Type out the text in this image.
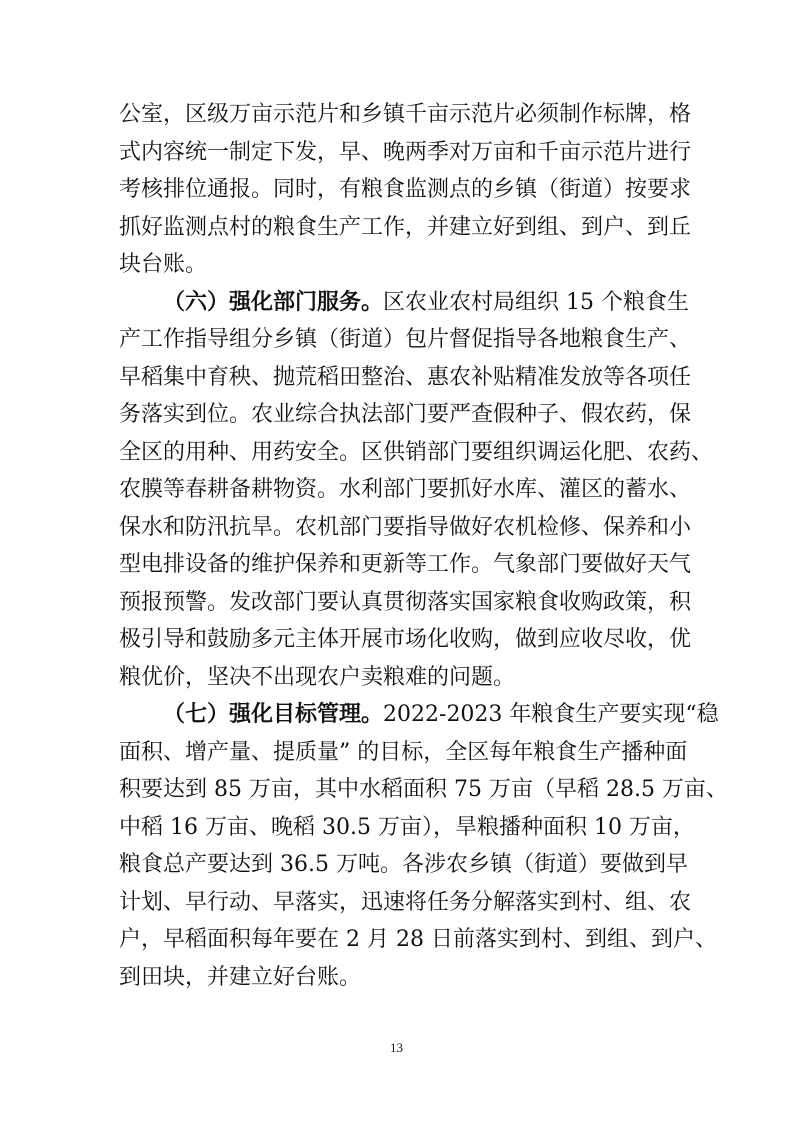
公室，区级万亩示范片和乡镇千亩示范片必须制作标牌，格
式内容统一制定下发，早、晚两季对万亩和千亩示范片进行
考核排位通报。同时，有粮食监测点的乡镇（街道）按要求
抓好监测点村的粮食生产工作，并建立好到组、到户、到丘
块台账。
（六）强化部门服务。区农业农村局组织 15 个粮食生
产工作指导组分乡镇（街道）包片督促指导各地粮食生产、
早稻集中育秧、抛荒稻田整治、惠农补贴精准发放等各项任
务落实到位。农业综合执法部门要严查假种子、假农药，保
全区的用种、用药安全。区供销部门要组织调运化肥、农药、
农膜等春耕备耕物资。水利部门要抓好水库、灌区的蓄水、
保水和防汛抗旱。农机部门要指导做好农机检修、保养和小
型电排设备的维护保养和更新等工作。气象部门要做好天气
预报预警。发改部门要认真贯彻落实国家粮食收购政策，积
极引导和鼓励多元主体开展市场化收购，做到应收尽收，优
粮优价，坚决不出现农户卖粮难的问题。
（七）强化目标管理。2022-2023 年粮食生产要实现“稳
面积、增产量、提质量” 的目标，全区每年粮食生产播种面
积要达到 85 万亩，其中水稻面积 75 万亩（早稻 28.5 万亩、
中稻 16 万亩、晚稻 30.5 万亩），旱粮播种面积 10 万亩，
粮食总产要达到 36.5 万吨。各涉农乡镇（街道）要做到早
计划、早行动、早落实，迅速将任务分解落实到村、组、农
户，早稻面积每年要在 2 月 28 日前落实到村、到组、到户、
到田块，并建立好台账。
13
